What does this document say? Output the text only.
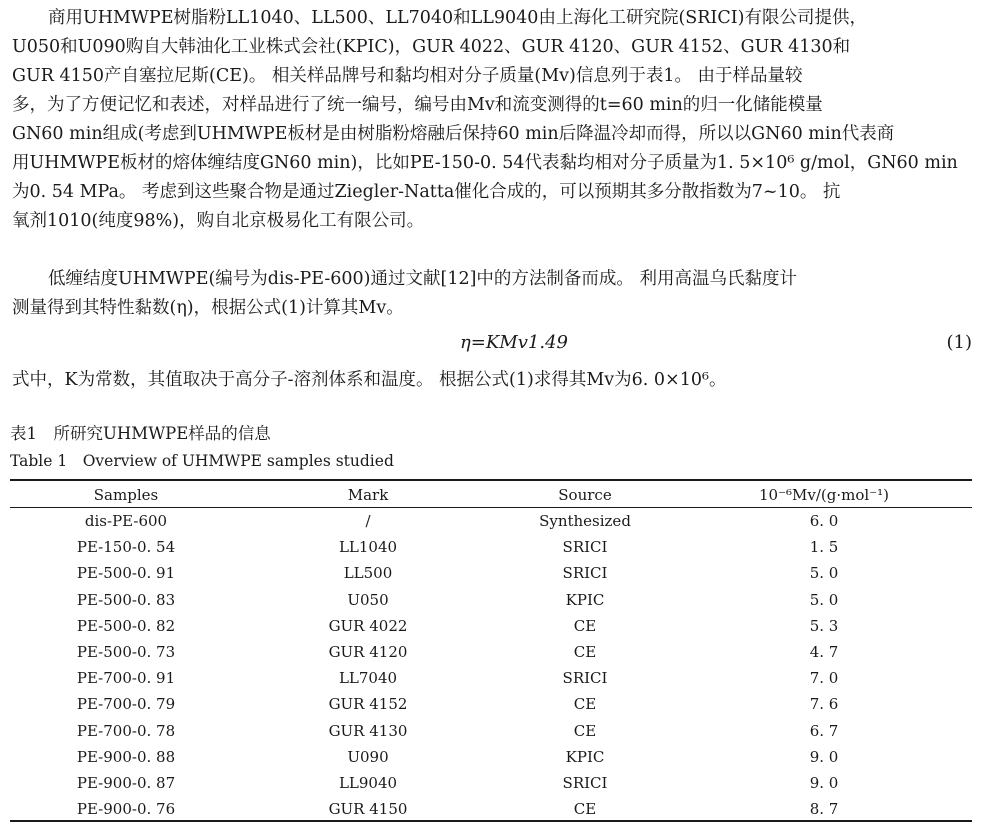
商用UHMWPE树脂粉LL1040、LL500、LL7040和LL9040由上海化工研究院(SRICI)有限公司提供，
U050和U090购自大韩油化工业株式会社(KPIC)，GUR 4022、GUR 4120、GUR 4152、GUR 4130和
GUR 4150产自塞拉尼斯(CE)。 相关样品牌号和黏均相对分子质量(Mv)信息列于表1。 由于样品量较
多，为了方便记忆和表述，对样品进行了统一编号，编号由Mv和流变测得的t=60 min的归一化储能模量
GN60 min组成(考虑到UHMWPE板材是由树脂粉熔融后保持60 min后降温冷却而得，所以以GN60 min代表商
用UHMWPE板材的熔体缠结度GN60 min)，比如PE-150-0. 54代表黏均相对分子质量为1. 5×10⁶ g/mol，GN60 min
为0. 54 MPa。 考虑到这些聚合物是通过Ziegler-Natta催化合成的，可以预期其多分散指数为7~10。 抗
氧剂1010(纯度98%)，购自北京极易化工有限公司。
低缠结度UHMWPE(编号为dis-PE-600)通过文献[12]中的方法制备而成。 利用高温乌氏黏度计
测量得到其特性黏数(η)，根据公式(1)计算其Mv。
η=KMv1.49	(1)
式中，K为常数，其值取决于高分子-溶剂体系和温度。 根据公式(1)求得其Mv为6. 0×10⁶。
表1　所研究UHMWPE样品的信息
Table 1　Overview of UHMWPE samples studied
Samples	Mark	Source	10⁻⁶Mv/(g·mol⁻¹)
dis-PE-600	/	Synthesized	6. 0
PE-150-0. 54	LL1040	SRICI	1. 5
PE-500-0. 91	LL500	SRICI	5. 0
PE-500-0. 83	U050	KPIC	5. 0
PE-500-0. 82	GUR 4022	CE	5. 3
PE-500-0. 73	GUR 4120	CE	4. 7
PE-700-0. 91	LL7040	SRICI	7. 0
PE-700-0. 79	GUR 4152	CE	7. 6
PE-700-0. 78	GUR 4130	CE	6. 7
PE-900-0. 88	U090	KPIC	9. 0
PE-900-0. 87	LL9040	SRICI	9. 0
PE-900-0. 76	GUR 4150	CE	8. 7
